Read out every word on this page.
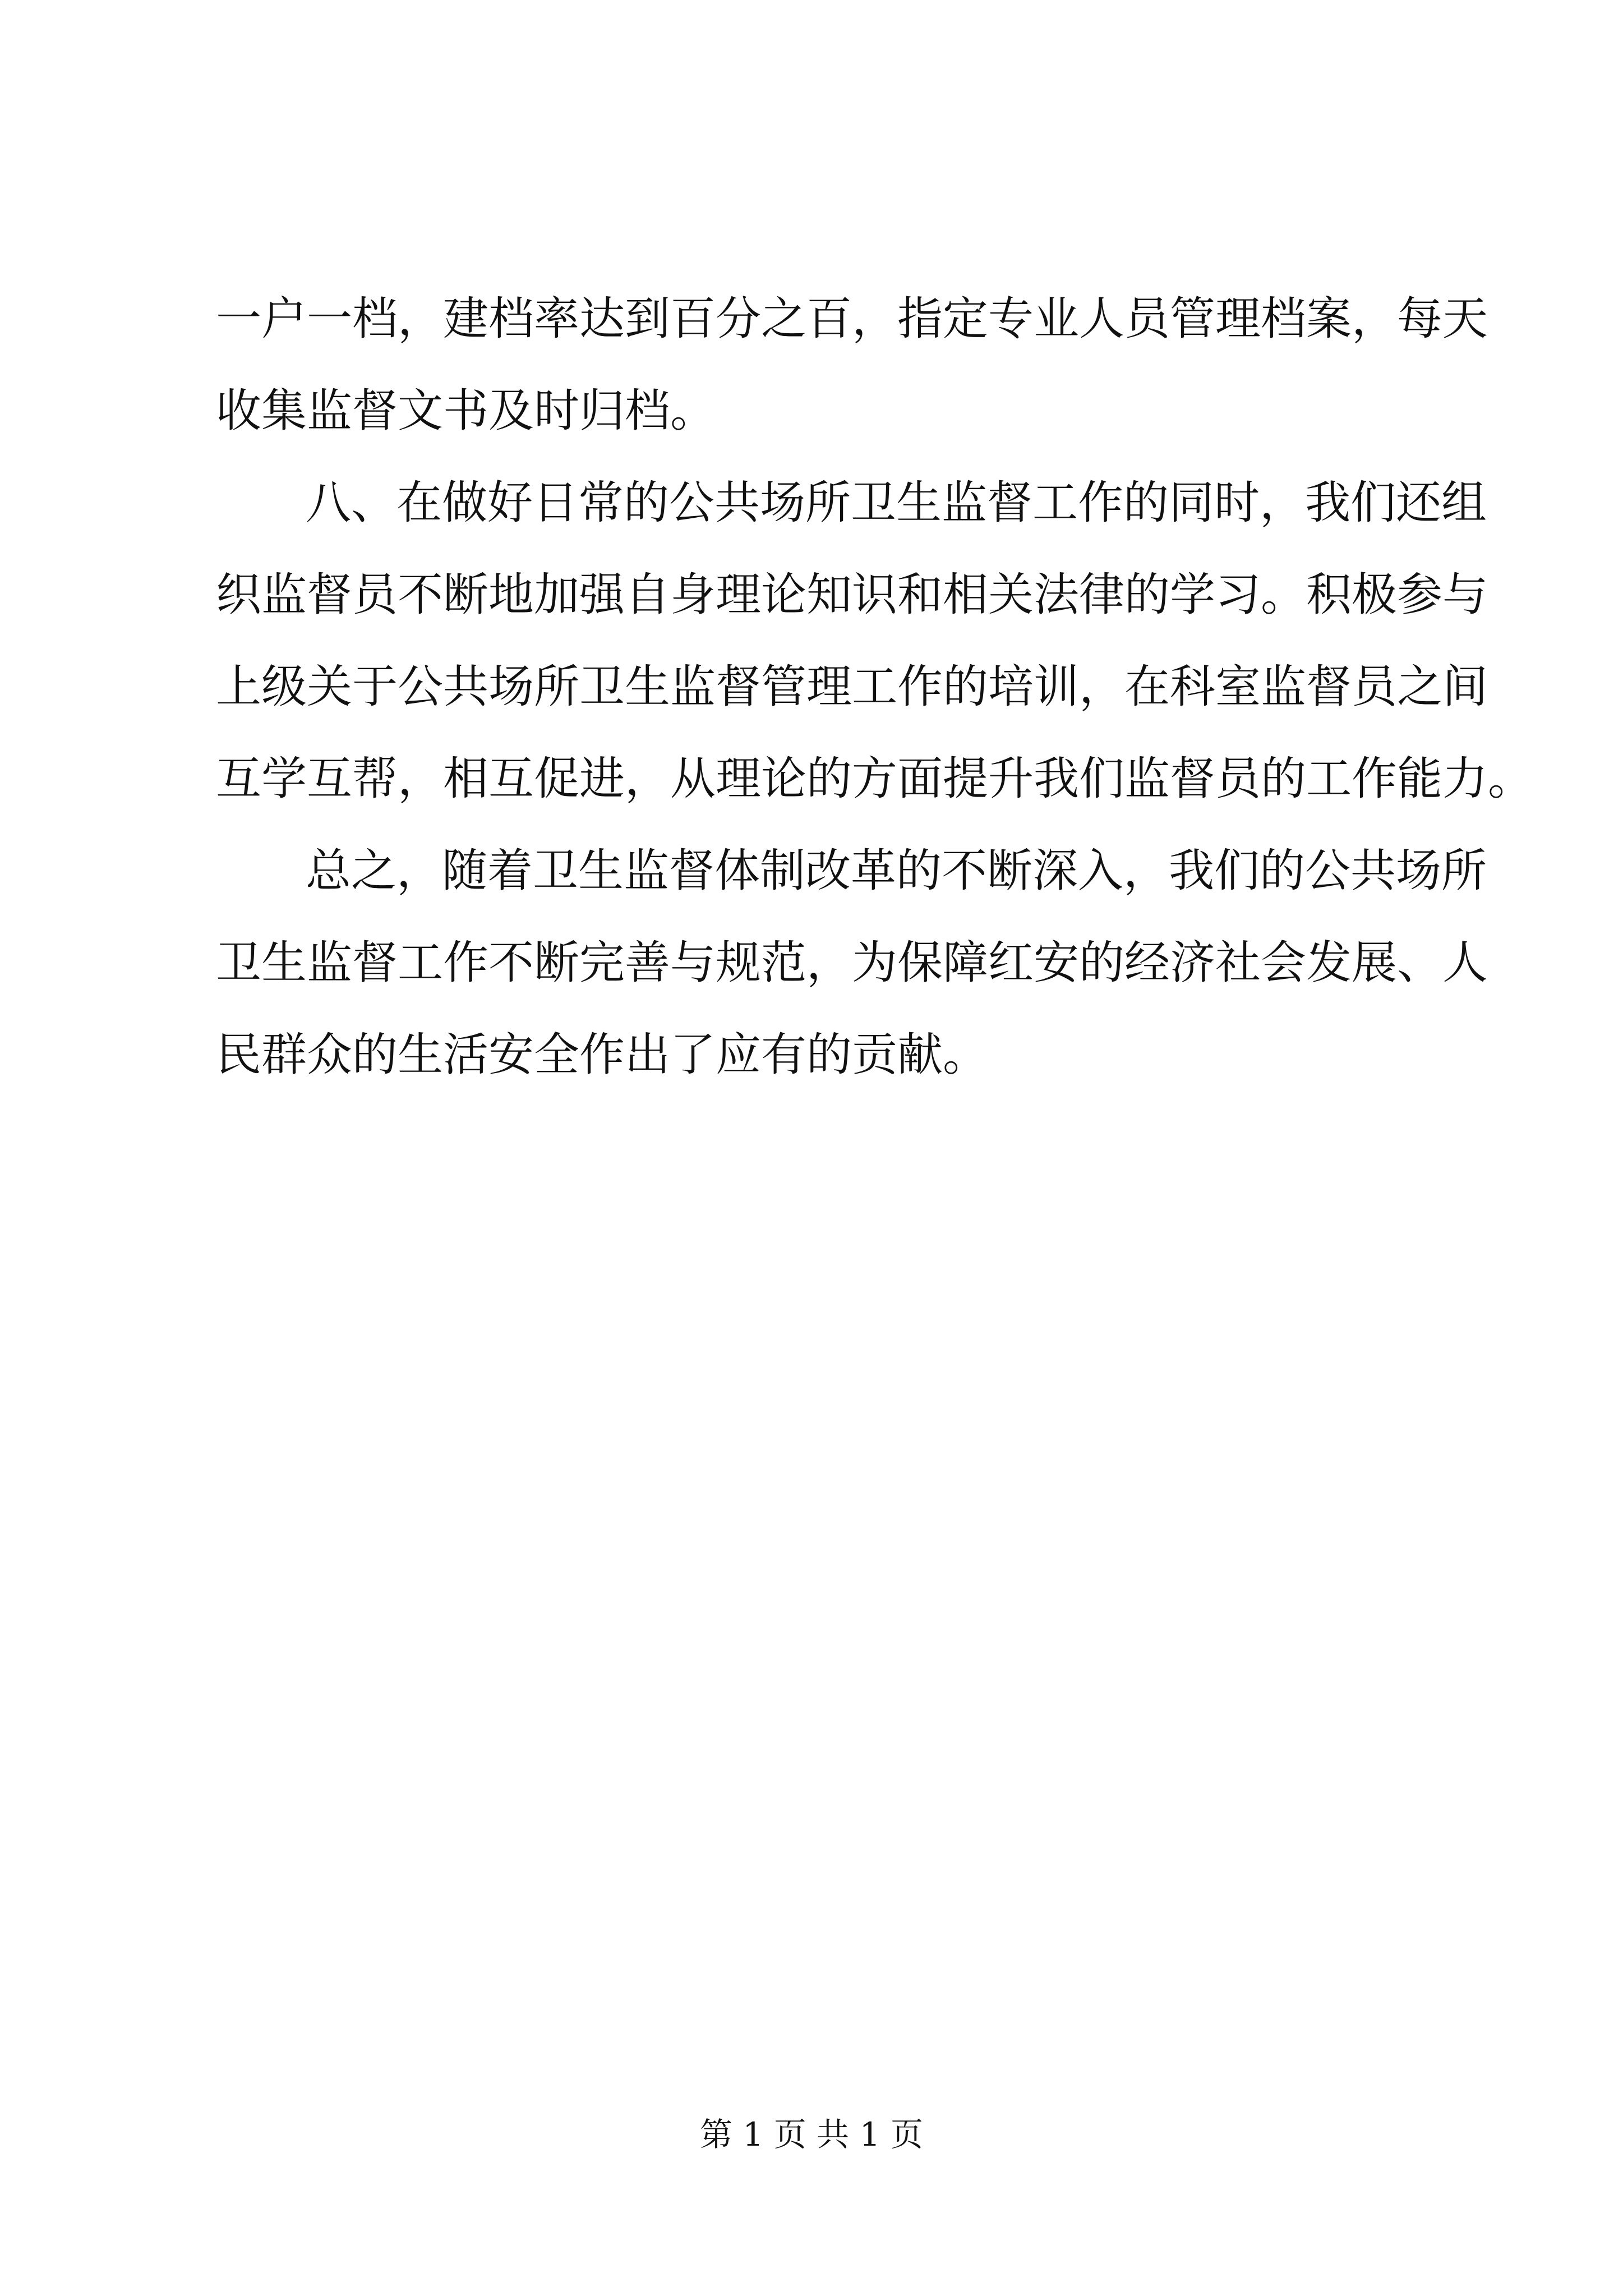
一户一档，建档率达到百分之百，指定专业人员管理档案，每天
收集监督文书及时归档。
八、在做好日常的公共场所卫生监督工作的同时，我们还组
织监督员不断地加强自身理论知识和相关法律的学习。积极参与
上级关于公共场所卫生监督管理工作的培训，在科室监督员之间
互学互帮，相互促进，从理论的方面提升我们监督员的工作能力。
总之，随着卫生监督体制改革的不断深入，我们的公共场所
卫生监督工作不断完善与规范，为保障红安的经济社会发展、人
民群众的生活安全作出了应有的贡献。
第 1 页 共 1 页
